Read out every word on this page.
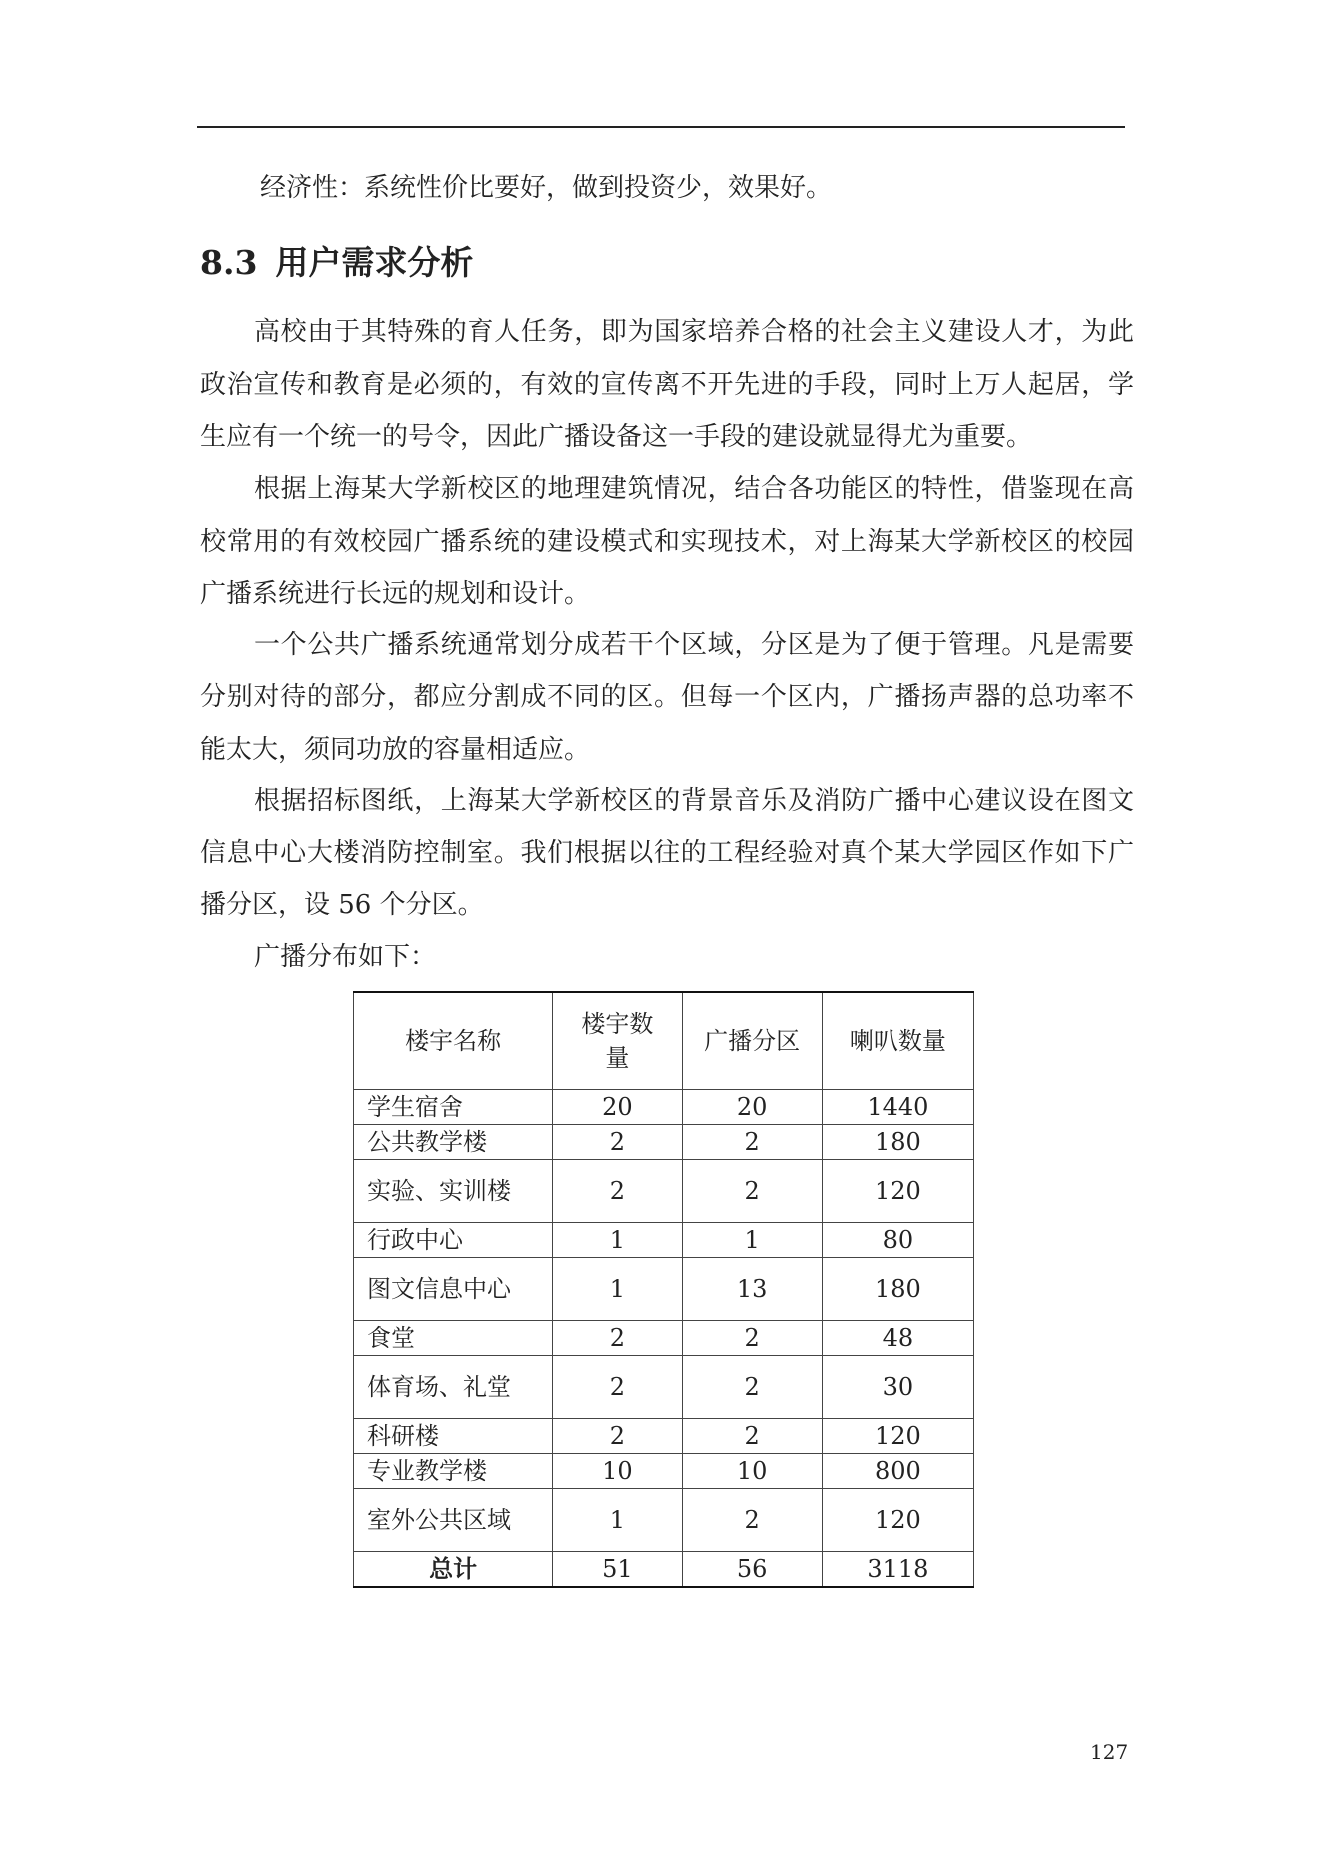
经济性：系统性价比要好，做到投资少，效果好。

8.3 用户需求分析

高校由于其特殊的育人任务，即为国家培养合格的社会主义建设人才，为此

政治宣传和教育是必须的，有效的宣传离不开先进的手段，同时上万人起居，学

生应有一个统一的号令，因此广播设备这一手段的建设就显得尤为重要。

根据上海某大学新校区的地理建筑情况，结合各功能区的特性，借鉴现在高

校常用的有效校园广播系统的建设模式和实现技术，对上海某大学新校区的校园

广播系统进行长远的规划和设计。

一个公共广播系统通常划分成若干个区域，分区是为了便于管理。凡是需要

分别对待的部分，都应分割成不同的区。但每一个区内，广播扬声器的总功率不

能太大，须同功放的容量相适应。

根据招标图纸，上海某大学新校区的背景音乐及消防广播中心建议设在图文

信息中心大楼消防控制室。我们根据以往的工程经验对真个某大学园区作如下广

播分区，设 56 个分区。

广播分布如下：

楼宇名称	楼宇数量	广播分区	喇叭数量
学生宿舍	20	20	1440
公共教学楼	2	2	180
实验、实训楼	2	2	120
行政中心	1	1	80
图文信息中心	1	13	180
食堂	2	2	48
体育场、礼堂	2	2	30
科研楼	2	2	120
专业教学楼	10	10	800
室外公共区域	1	2	120
总计	51	56	3118
127
